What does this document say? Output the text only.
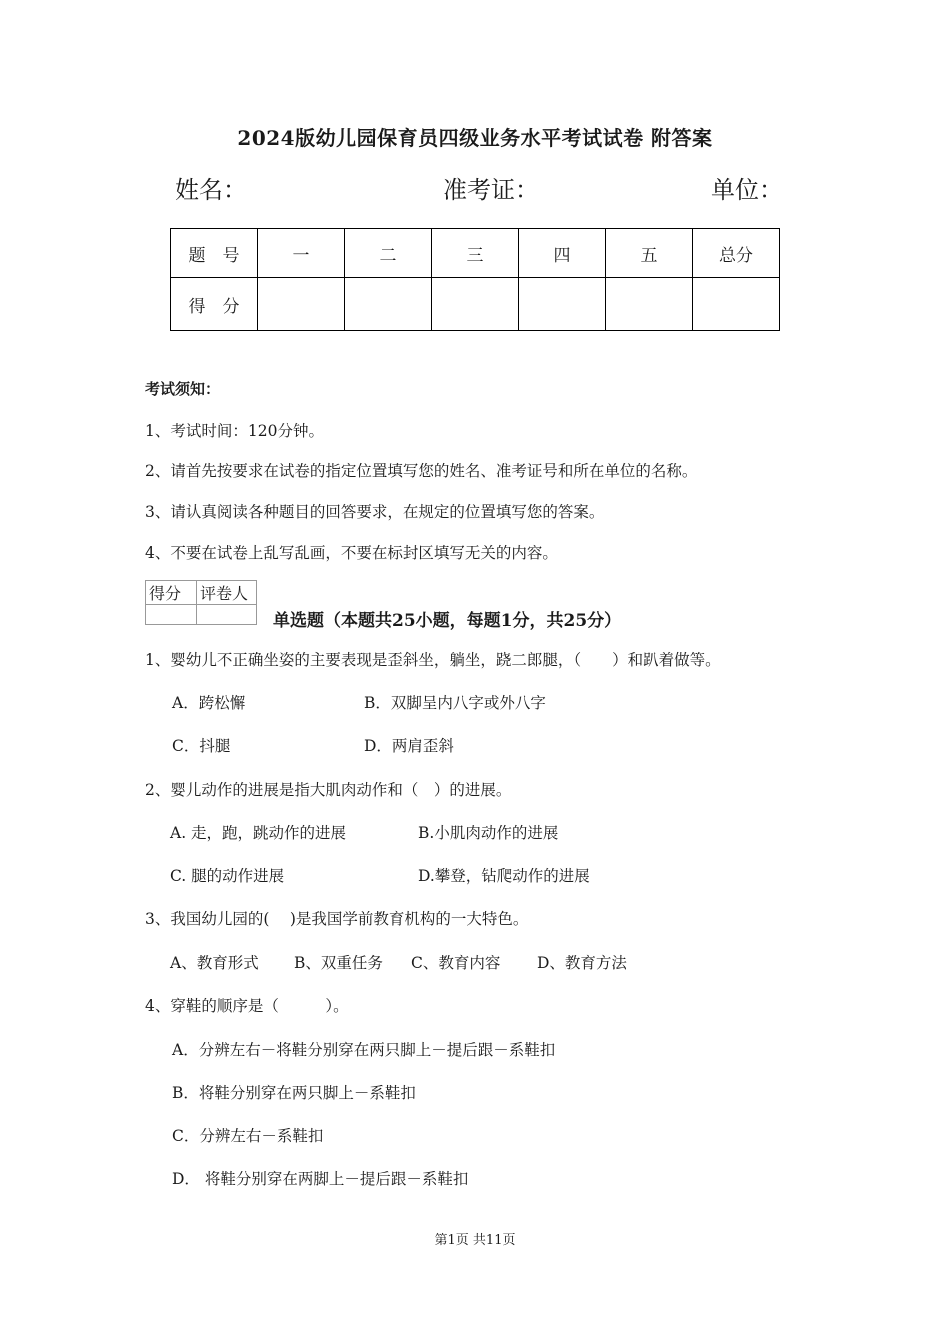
2024版幼儿园保育员四级业务水平考试试卷 附答案
姓名：	准考证：	单位：
题　号	一	二	三	四	五	总分
得　分						
考试须知：
1、考试时间：120分钟。
2、请首先按要求在试卷的指定位置填写您的姓名、准考证号和所在单位的名称。
3、请认真阅读各种题目的回答要求，在规定的位置填写您的答案。
4、不要在试卷上乱写乱画，不要在标封区填写无关的内容。
得分	评卷人

单选题（本题共25小题，每题1分，共25分）
1、婴幼儿不正确坐姿的主要表现是歪斜坐，躺坐，跷二郎腿，（　　）和趴着做等。
A．跨松懈	B．双脚呈内八字或外八字
C．抖腿	D．两肩歪斜
2、婴儿动作的进展是指大肌肉动作和（　）的进展。
A. 走，跑，跳动作的进展	B.小肌肉动作的进展
C. 腿的动作进展	D.攀登，钻爬动作的进展
3、我国幼儿园的(　 )是我国学前教育机构的一大特色。
A、教育形式 B、双重任务 C、教育内容 D、教育方法
4、穿鞋的顺序是（　　　）。
A．分辨左右－将鞋分别穿在两只脚上－提后跟－系鞋扣
B．将鞋分别穿在两只脚上－系鞋扣
C．分辨左右－系鞋扣
D． 将鞋分别穿在两脚上－提后跟－系鞋扣
第1页 共11页
